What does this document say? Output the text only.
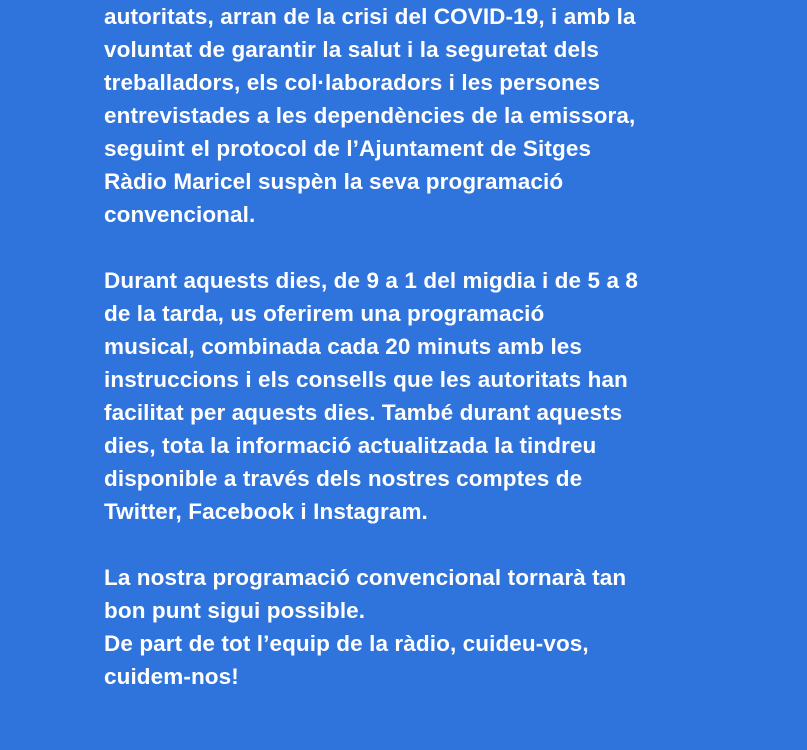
autoritats, arran de la crisi del COVID-19, i amb la
voluntat de garantir la salut i la seguretat dels
treballadors, els col·laboradors i les persones
entrevistades a les dependències de la emissora,
seguint el protocol de l’Ajuntament de Sitges
Ràdio Maricel suspèn la seva programació
convencional.
Durant aquests dies, de 9 a 1 del migdia i de 5 a 8
de la tarda, us oferirem una programació
musical, combinada cada 20 minuts amb les
instruccions i els consells que les autoritats han
facilitat per aquests dies. També durant aquests
dies, tota la informació actualitzada la tindreu
disponible a través dels nostres comptes de
Twitter, Facebook i Instagram.
La nostra programació convencional tornarà tan
bon punt sigui possible.
De part de tot l’equip de la ràdio, cuideu-vos,
cuidem-nos!
